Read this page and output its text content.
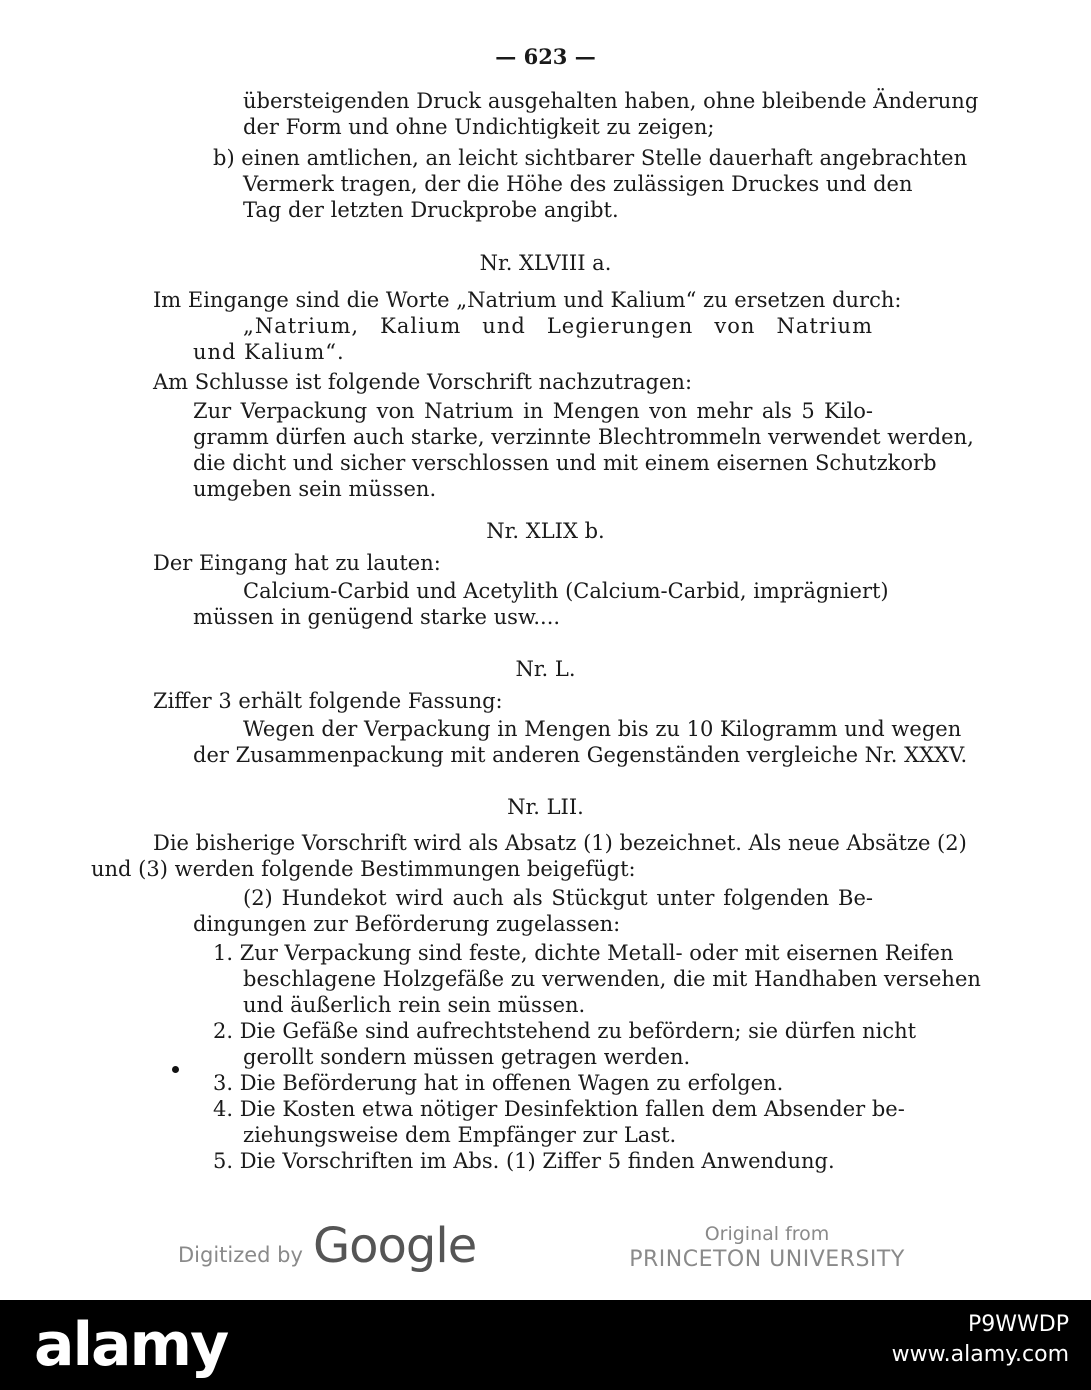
— 623 —
übersteigenden Druck ausgehalten haben, ohne bleibende Änderung
der Form und ohne Undichtigkeit zu zeigen;
b) einen amtlichen, an leicht sichtbarer Stelle dauerhaft angebrachten
Vermerk tragen, der die Höhe des zulässigen Druckes und den
Tag der letzten Druckprobe angibt.
Nr. XLVIII a.
Im Eingange sind die Worte „Natrium und Kalium“ zu ersetzen durch:
„Natrium, Kalium und Legierungen von Natrium
und Kalium“.
Am Schlusse ist folgende Vorschrift nachzutragen:
Zur Verpackung von Natrium in Mengen von mehr als 5 Kilo-
gramm dürfen auch starke, verzinnte Blechtrommeln verwendet werden,
die dicht und sicher verschlossen und mit einem eisernen Schutzkorb
umgeben sein müssen.
Nr. XLIX b.
Der Eingang hat zu lauten:
Calcium-Carbid und Acetylith (Calcium-Carbid, imprägniert)
müssen in genügend starke usw....
Nr. L.
Ziffer 3 erhält folgende Fassung:
Wegen der Verpackung in Mengen bis zu 10 Kilogramm und wegen
der Zusammenpackung mit anderen Gegenständen vergleiche Nr. XXXV.
Nr. LII.
Die bisherige Vorschrift wird als Absatz (1) bezeichnet. Als neue Absätze (2)
und (3) werden folgende Bestimmungen beigefügt:
(2) Hundekot wird auch als Stückgut unter folgenden Be-
dingungen zur Beförderung zugelassen:
1. Zur Verpackung sind feste, dichte Metall- oder mit eisernen Reifen
beschlagene Holzgefäße zu verwenden, die mit Handhaben versehen
und äußerlich rein sein müssen.
2. Die Gefäße sind aufrechtstehend zu befördern; sie dürfen nicht
gerollt sondern müssen getragen werden.
3. Die Beförderung hat in offenen Wagen zu erfolgen.
4. Die Kosten etwa nötiger Desinfektion fallen dem Absender be-
ziehungsweise dem Empfänger zur Last.
5. Die Vorschriften im Abs. (1) Ziffer 5 finden Anwendung.
Digitized by Google	Original from
PRINCETON UNIVERSITY
alamy	P9WWDP
www.alamy.com
